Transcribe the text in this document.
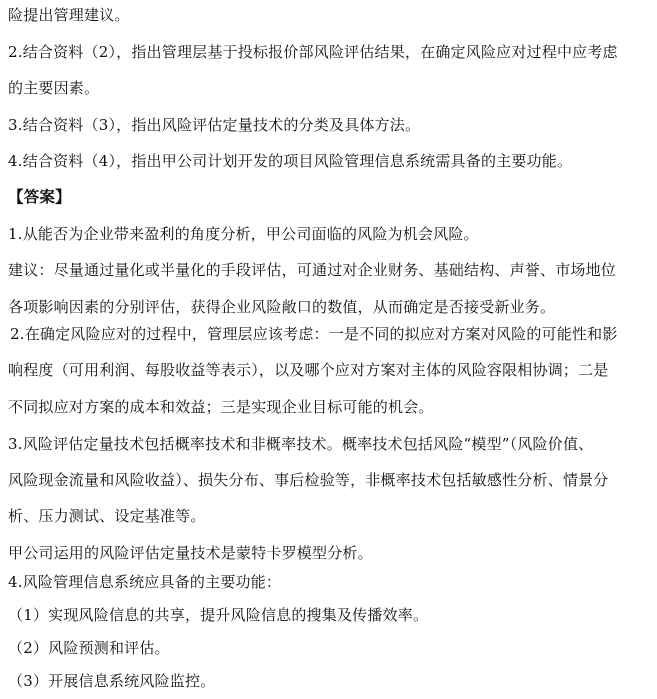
险提出管理建议。
2.结合资料（2），指出管理层基于投标报价部风险评估结果，在确定风险应对过程中应考虑
的主要因素。
3.结合资料（3），指出风险评估定量技术的分类及具体方法。
4.结合资料（4），指出甲公司计划开发的项目风险管理信息系统需具备的主要功能。
【答案】
1.从能否为企业带来盈利的角度分析，甲公司面临的风险为机会风险。
建议：尽量通过量化或半量化的手段评估，可通过对企业财务、基础结构、声誉、市场地位
各项影响因素的分别评估，获得企业风险敞口的数值，从而确定是否接受新业务。
2.在确定风险应对的过程中，管理层应该考虑：一是不同的拟应对方案对风险的可能性和影
响程度（可用利润、每股收益等表示），以及哪个应对方案对主体的风险容限相协调；二是
不同拟应对方案的成本和效益；三是实现企业目标可能的机会。
3.风险评估定量技术包括概率技术和非概率技术。概率技术包括风险“模型”（风险价值、
风险现金流量和风险收益）、损失分布、事后检验等，非概率技术包括敏感性分析、情景分
析、压力测试、设定基准等。
甲公司运用的风险评估定量技术是蒙特卡罗模型分析。
4.风险管理信息系统应具备的主要功能：
（1）实现风险信息的共享，提升风险信息的搜集及传播效率。
（2）风险预测和评估。
（3）开展信息系统风险监控。
